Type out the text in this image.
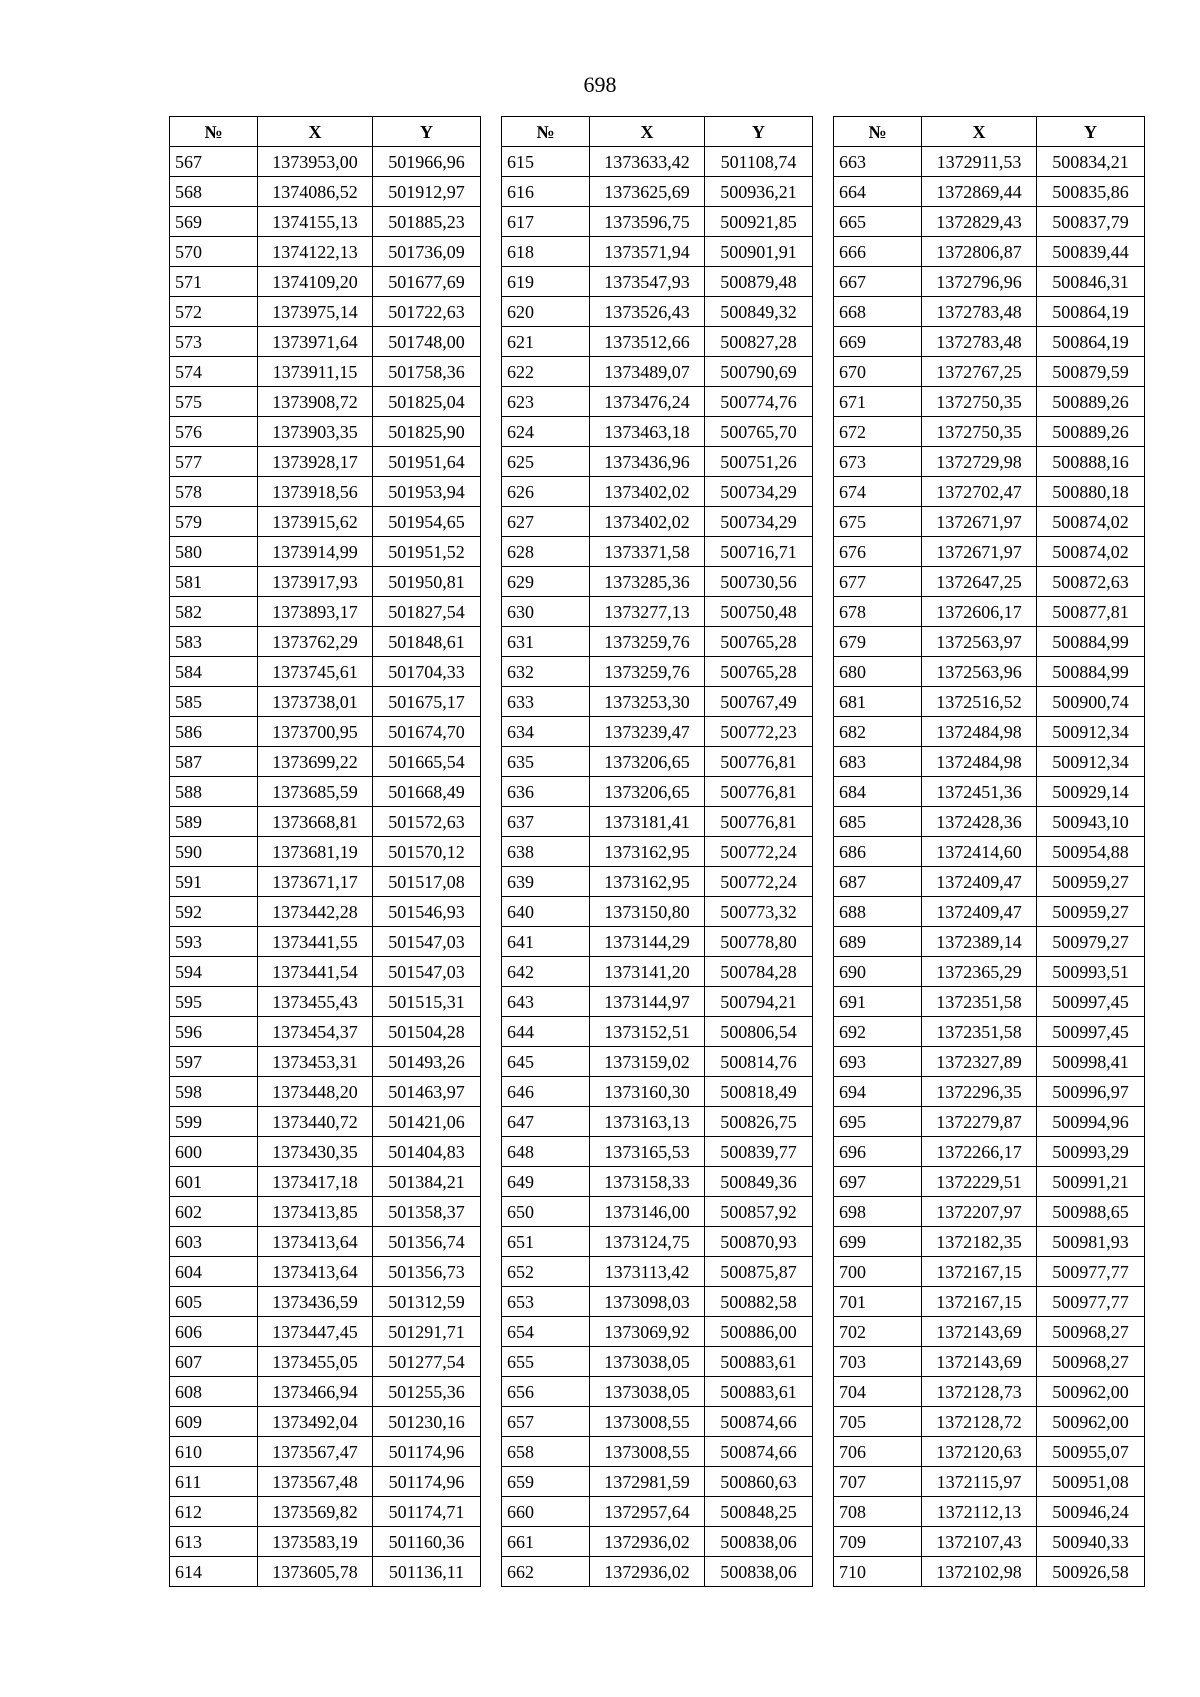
698
№	X	Y
567	1373953,00	501966,96
568	1374086,52	501912,97
569	1374155,13	501885,23
570	1374122,13	501736,09
571	1374109,20	501677,69
572	1373975,14	501722,63
573	1373971,64	501748,00
574	1373911,15	501758,36
575	1373908,72	501825,04
576	1373903,35	501825,90
577	1373928,17	501951,64
578	1373918,56	501953,94
579	1373915,62	501954,65
580	1373914,99	501951,52
581	1373917,93	501950,81
582	1373893,17	501827,54
583	1373762,29	501848,61
584	1373745,61	501704,33
585	1373738,01	501675,17
586	1373700,95	501674,70
587	1373699,22	501665,54
588	1373685,59	501668,49
589	1373668,81	501572,63
590	1373681,19	501570,12
591	1373671,17	501517,08
592	1373442,28	501546,93
593	1373441,55	501547,03
594	1373441,54	501547,03
595	1373455,43	501515,31
596	1373454,37	501504,28
597	1373453,31	501493,26
598	1373448,20	501463,97
599	1373440,72	501421,06
600	1373430,35	501404,83
601	1373417,18	501384,21
602	1373413,85	501358,37
603	1373413,64	501356,74
604	1373413,64	501356,73
605	1373436,59	501312,59
606	1373447,45	501291,71
607	1373455,05	501277,54
608	1373466,94	501255,36
609	1373492,04	501230,16
610	1373567,47	501174,96
611	1373567,48	501174,96
612	1373569,82	501174,71
613	1373583,19	501160,36
614	1373605,78	501136,11
№	X	Y
615	1373633,42	501108,74
616	1373625,69	500936,21
617	1373596,75	500921,85
618	1373571,94	500901,91
619	1373547,93	500879,48
620	1373526,43	500849,32
621	1373512,66	500827,28
622	1373489,07	500790,69
623	1373476,24	500774,76
624	1373463,18	500765,70
625	1373436,96	500751,26
626	1373402,02	500734,29
627	1373402,02	500734,29
628	1373371,58	500716,71
629	1373285,36	500730,56
630	1373277,13	500750,48
631	1373259,76	500765,28
632	1373259,76	500765,28
633	1373253,30	500767,49
634	1373239,47	500772,23
635	1373206,65	500776,81
636	1373206,65	500776,81
637	1373181,41	500776,81
638	1373162,95	500772,24
639	1373162,95	500772,24
640	1373150,80	500773,32
641	1373144,29	500778,80
642	1373141,20	500784,28
643	1373144,97	500794,21
644	1373152,51	500806,54
645	1373159,02	500814,76
646	1373160,30	500818,49
647	1373163,13	500826,75
648	1373165,53	500839,77
649	1373158,33	500849,36
650	1373146,00	500857,92
651	1373124,75	500870,93
652	1373113,42	500875,87
653	1373098,03	500882,58
654	1373069,92	500886,00
655	1373038,05	500883,61
656	1373038,05	500883,61
657	1373008,55	500874,66
658	1373008,55	500874,66
659	1372981,59	500860,63
660	1372957,64	500848,25
661	1372936,02	500838,06
662	1372936,02	500838,06
№	X	Y
663	1372911,53	500834,21
664	1372869,44	500835,86
665	1372829,43	500837,79
666	1372806,87	500839,44
667	1372796,96	500846,31
668	1372783,48	500864,19
669	1372783,48	500864,19
670	1372767,25	500879,59
671	1372750,35	500889,26
672	1372750,35	500889,26
673	1372729,98	500888,16
674	1372702,47	500880,18
675	1372671,97	500874,02
676	1372671,97	500874,02
677	1372647,25	500872,63
678	1372606,17	500877,81
679	1372563,97	500884,99
680	1372563,96	500884,99
681	1372516,52	500900,74
682	1372484,98	500912,34
683	1372484,98	500912,34
684	1372451,36	500929,14
685	1372428,36	500943,10
686	1372414,60	500954,88
687	1372409,47	500959,27
688	1372409,47	500959,27
689	1372389,14	500979,27
690	1372365,29	500993,51
691	1372351,58	500997,45
692	1372351,58	500997,45
693	1372327,89	500998,41
694	1372296,35	500996,97
695	1372279,87	500994,96
696	1372266,17	500993,29
697	1372229,51	500991,21
698	1372207,97	500988,65
699	1372182,35	500981,93
700	1372167,15	500977,77
701	1372167,15	500977,77
702	1372143,69	500968,27
703	1372143,69	500968,27
704	1372128,73	500962,00
705	1372128,72	500962,00
706	1372120,63	500955,07
707	1372115,97	500951,08
708	1372112,13	500946,24
709	1372107,43	500940,33
710	1372102,98	500926,58
